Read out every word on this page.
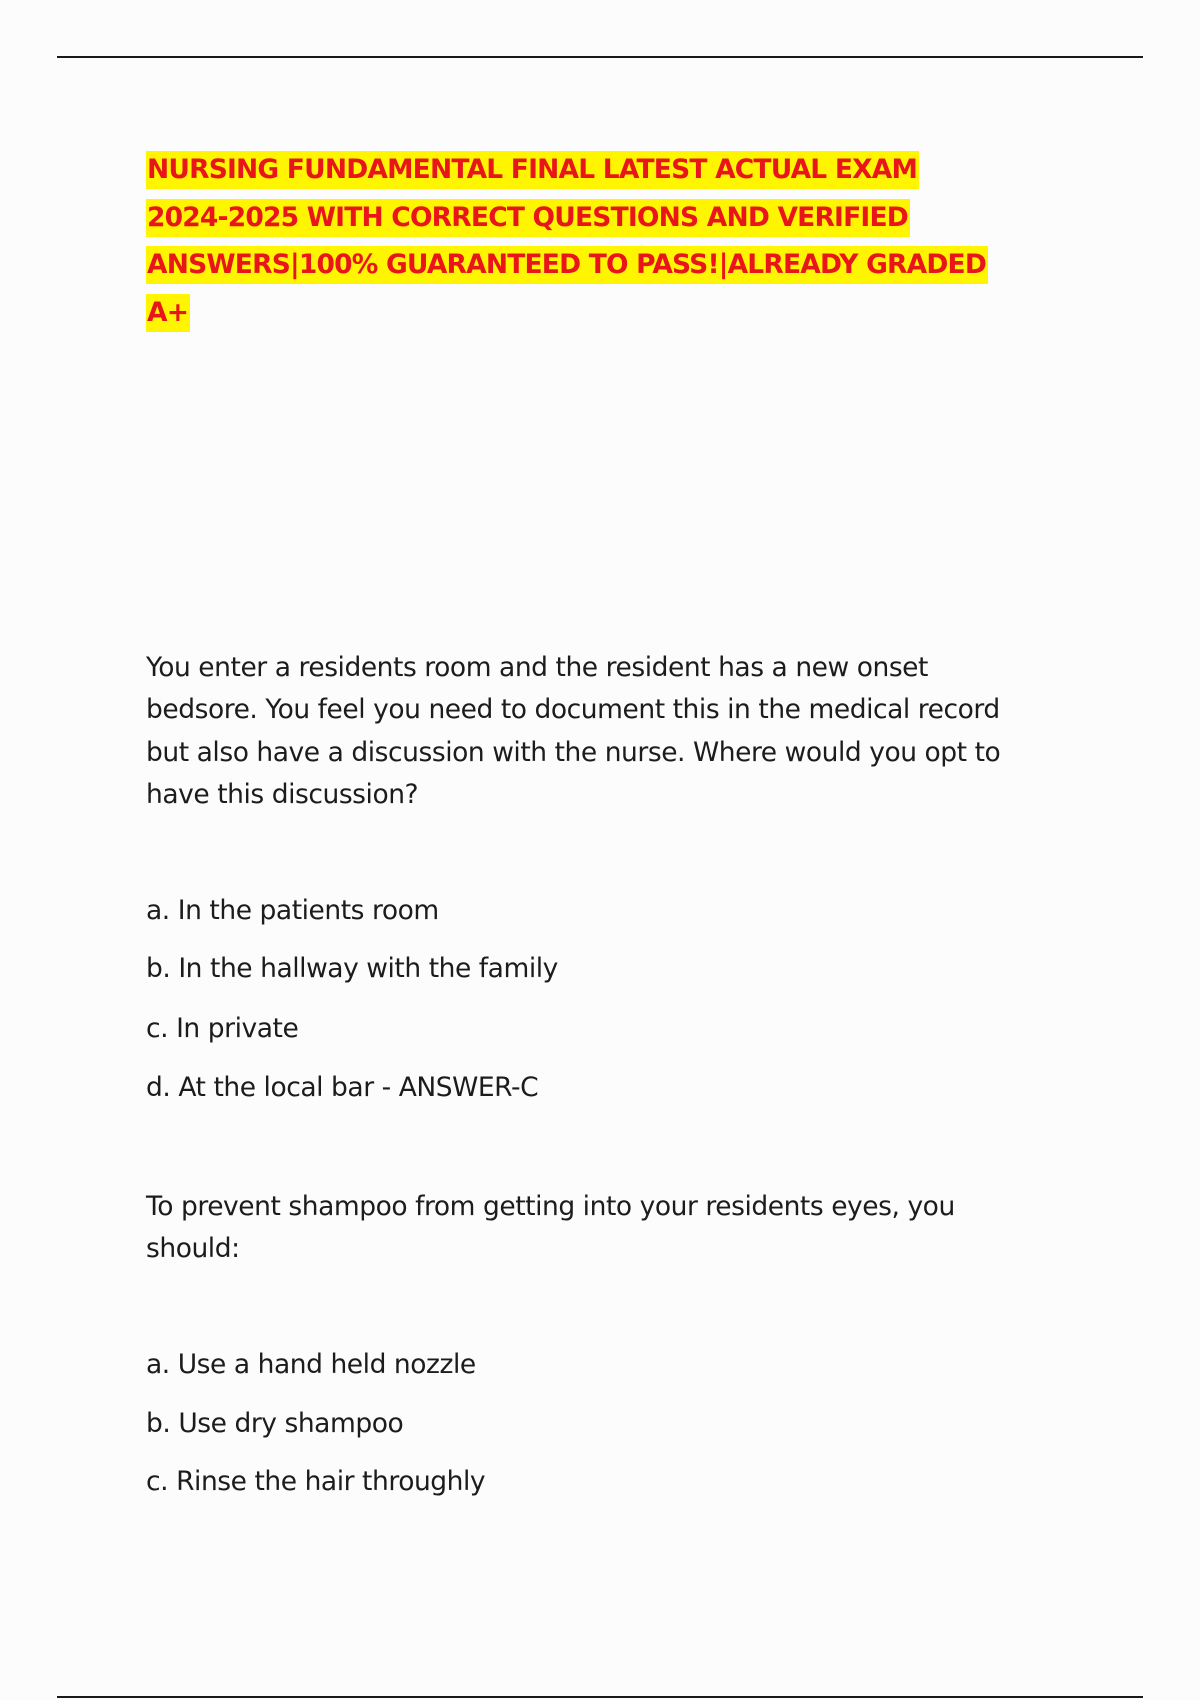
NURSING FUNDAMENTAL FINAL LATEST ACTUAL EXAM
2024-2025 WITH CORRECT QUESTIONS AND VERIFIED
ANSWERS|100% GUARANTEED TO PASS!|ALREADY GRADED
A+

You enter a residents room and the resident has a new onset
bedsore. You feel you need to document this in the medical record
but also have a discussion with the nurse. Where would you opt to
have this discussion?

a. In the patients room

b. In the hallway with the family

c. In private

d. At the local bar - ANSWER-C

To prevent shampoo from getting into your residents eyes, you
should:

a. Use a hand held nozzle

b. Use dry shampoo

c. Rinse the hair throughly
